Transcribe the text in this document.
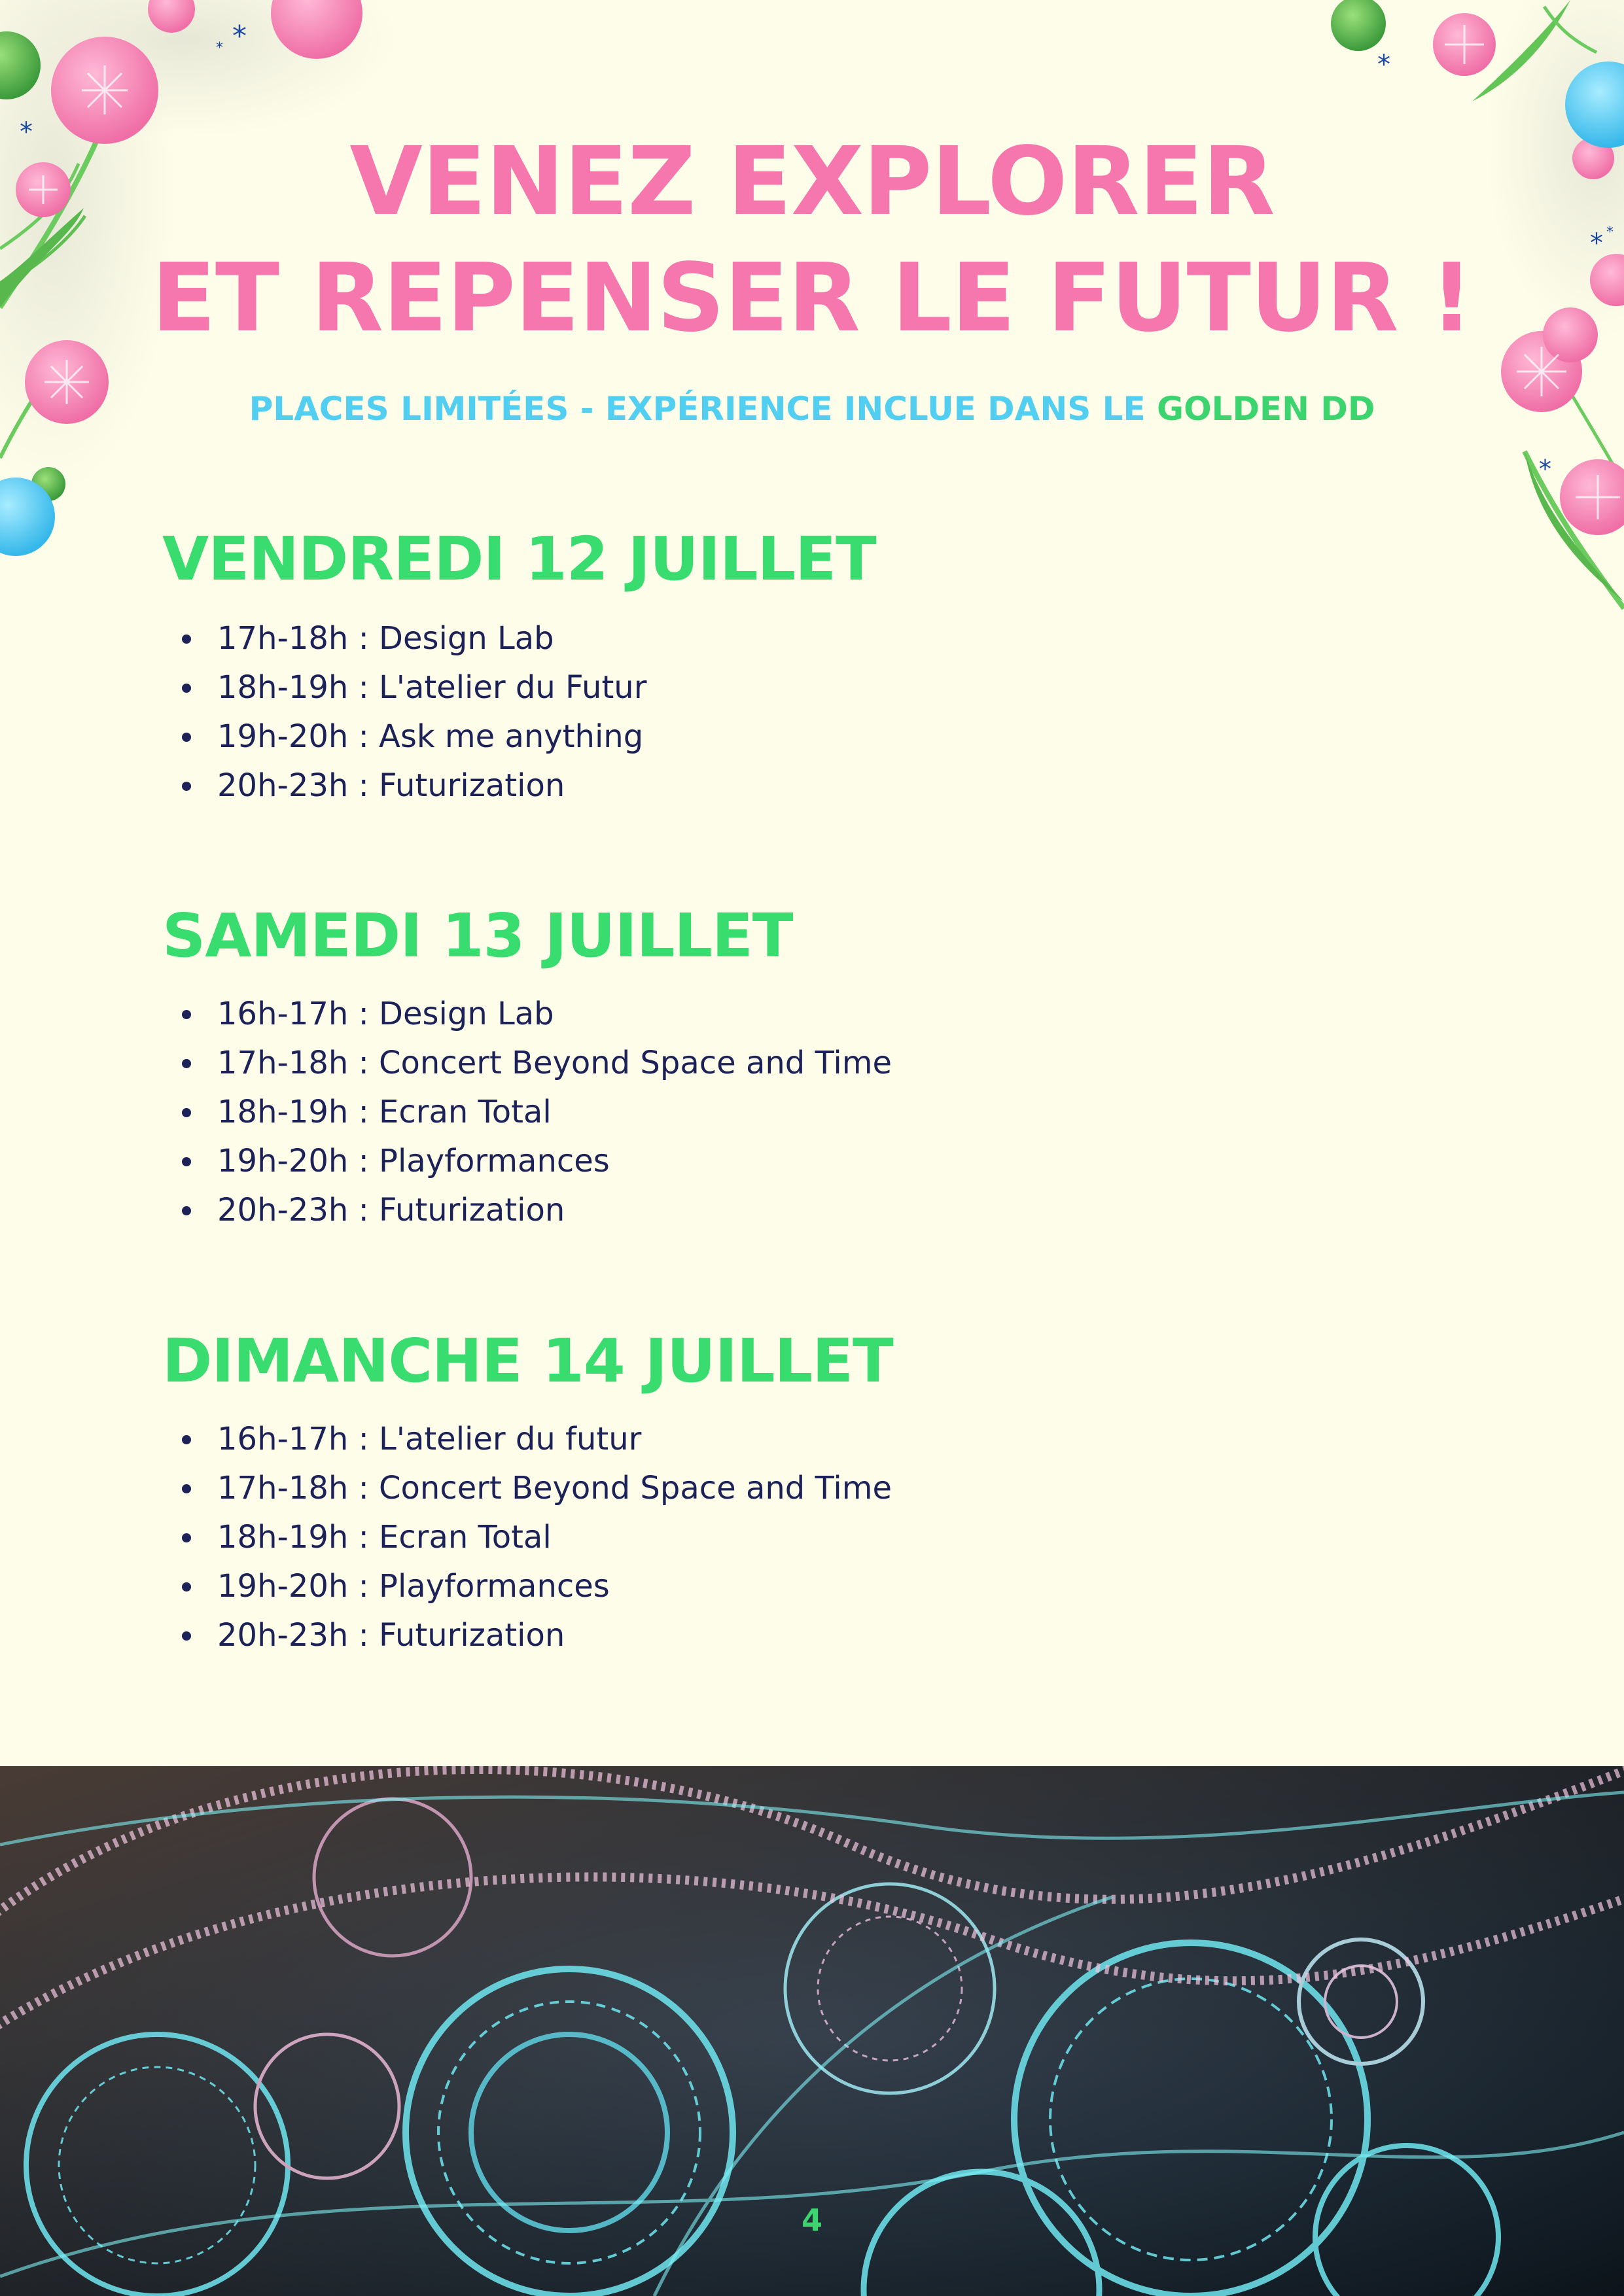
*
*
*
*
* *
*
VENEZ EXPLORER
ET REPENSER LE FUTUR !
PLACES LIMITÉES - EXPÉRIENCE INCLUE DANS LE GOLDEN DD
VENDREDI 12 JUILLET
17h-18h : Design Lab
18h-19h : L'atelier du Futur
19h-20h : Ask me anything
20h-23h : Futurization
SAMEDI 13 JUILLET
16h-17h : Design Lab
17h-18h : Concert Beyond Space and Time
18h-19h : Ecran Total
19h-20h : Playformances
20h-23h : Futurization
DIMANCHE 14 JUILLET
16h-17h : L'atelier du futur
17h-18h : Concert Beyond Space and Time
18h-19h : Ecran Total
19h-20h : Playformances
20h-23h : Futurization
4
